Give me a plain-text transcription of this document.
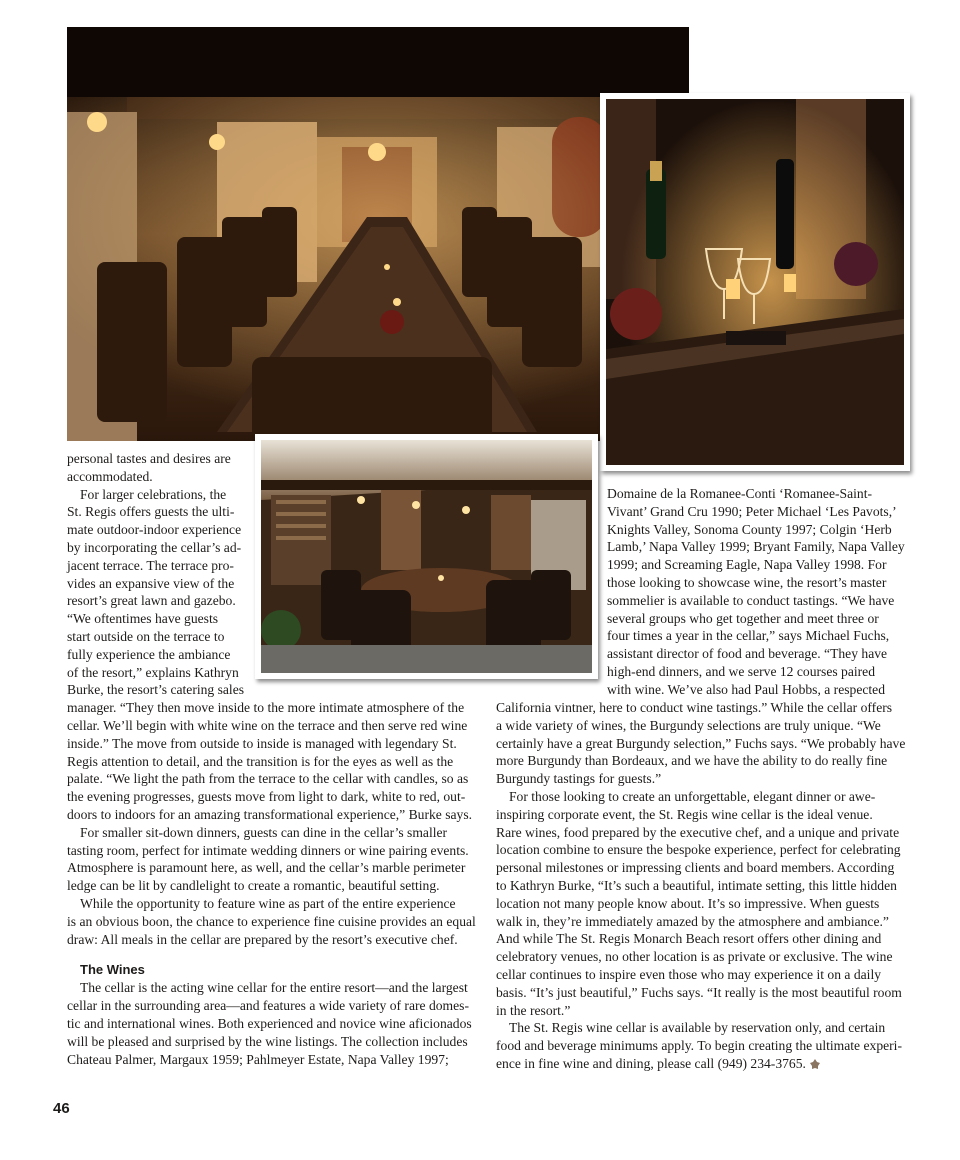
personal tastes and desires are
accommodated.

For larger celebrations, the
St. Regis offers guests the ulti-
mate outdoor-indoor experience
by incorporating the cellar’s ad-
jacent terrace. The terrace pro-
vides an expansive view of the
resort’s great lawn and gazebo.
“We oftentimes have guests
start outside on the terrace to
fully experience the ambiance
of the resort,” explains Kathryn
Burke, the resort’s catering sales
manager. “They then move inside to the more intimate atmosphere of the
cellar. We’ll begin with white wine on the terrace and then serve red wine
inside.” The move from outside to inside is managed with legendary St.
Regis attention to detail, and the transition is for the eyes as well as the
palate. “We light the path from the terrace to the cellar with candles, so as
the evening progresses, guests move from light to dark, white to red, out-
doors to indoors for an amazing transformational experience,” Burke says.

For smaller sit-down dinners, guests can dine in the cellar’s smaller
tasting room, perfect for intimate wedding dinners or wine pairing events.
Atmosphere is paramount here, as well, and the cellar’s marble perimeter
ledge can be lit by candlelight to create a romantic, beautiful setting.

While the opportunity to feature wine as part of the entire experience
is an obvious boon, the chance to experience fine cuisine provides an equal
draw: All meals in the cellar are prepared by the resort’s executive chef.

The Wines

The cellar is the acting wine cellar for the entire resort—and the largest
cellar in the surrounding area—and features a wide variety of rare domes-
tic and international wines. Both experienced and novice wine aficionados
will be pleased and surprised by the wine listings. The collection includes
Chateau Palmer, Margaux 1959; Pahlmeyer Estate, Napa Valley 1997;

Domaine de la Romanee-Conti ‘Romanee-Saint-
Vivant’ Grand Cru 1990; Peter Michael ‘Les Pavots,’
Knights Valley, Sonoma County 1997; Colgin ‘Herb
Lamb,’ Napa Valley 1999; Bryant Family, Napa Valley
1999; and Screaming Eagle, Napa Valley 1998. For
those looking to showcase wine, the resort’s master
sommelier is available to conduct tastings. “We have
several groups who get together and meet three or
four times a year in the cellar,” says Michael Fuchs,
assistant director of food and beverage. “They have
high-end dinners, and we serve 12 courses paired
with wine. We’ve also had Paul Hobbs, a respected

California vintner, here to conduct wine tastings.” While the cellar offers
a wide variety of wines, the Burgundy selections are truly unique. “We
certainly have a great Burgundy selection,” Fuchs says. “We probably have
more Burgundy than Bordeaux, and we have the ability to do really fine
Burgundy tastings for guests.”

For those looking to create an unforgettable, elegant dinner or awe-
inspiring corporate event, the St. Regis wine cellar is the ideal venue.
Rare wines, food prepared by the executive chef, and a unique and private
location combine to ensure the bespoke experience, perfect for celebrating
personal milestones or impressing clients and board members. According
to Kathryn Burke, “It’s such a beautiful, intimate setting, this little hidden
location not many people know about. It’s so impressive. When guests
walk in, they’re immediately amazed by the atmosphere and ambiance.”
And while The St. Regis Monarch Beach resort offers other dining and
celebratory venues, no other location is as private or exclusive. The wine
cellar continues to inspire even those who may experience it on a daily
basis. “It’s just beautiful,” Fuchs says. “It really is the most beautiful room
in the resort.”

The St. Regis wine cellar is available by reservation only, and certain
food and beverage minimums apply. To begin creating the ultimate experi-
ence in fine wine and dining, please call (949) 234-3765.

46
